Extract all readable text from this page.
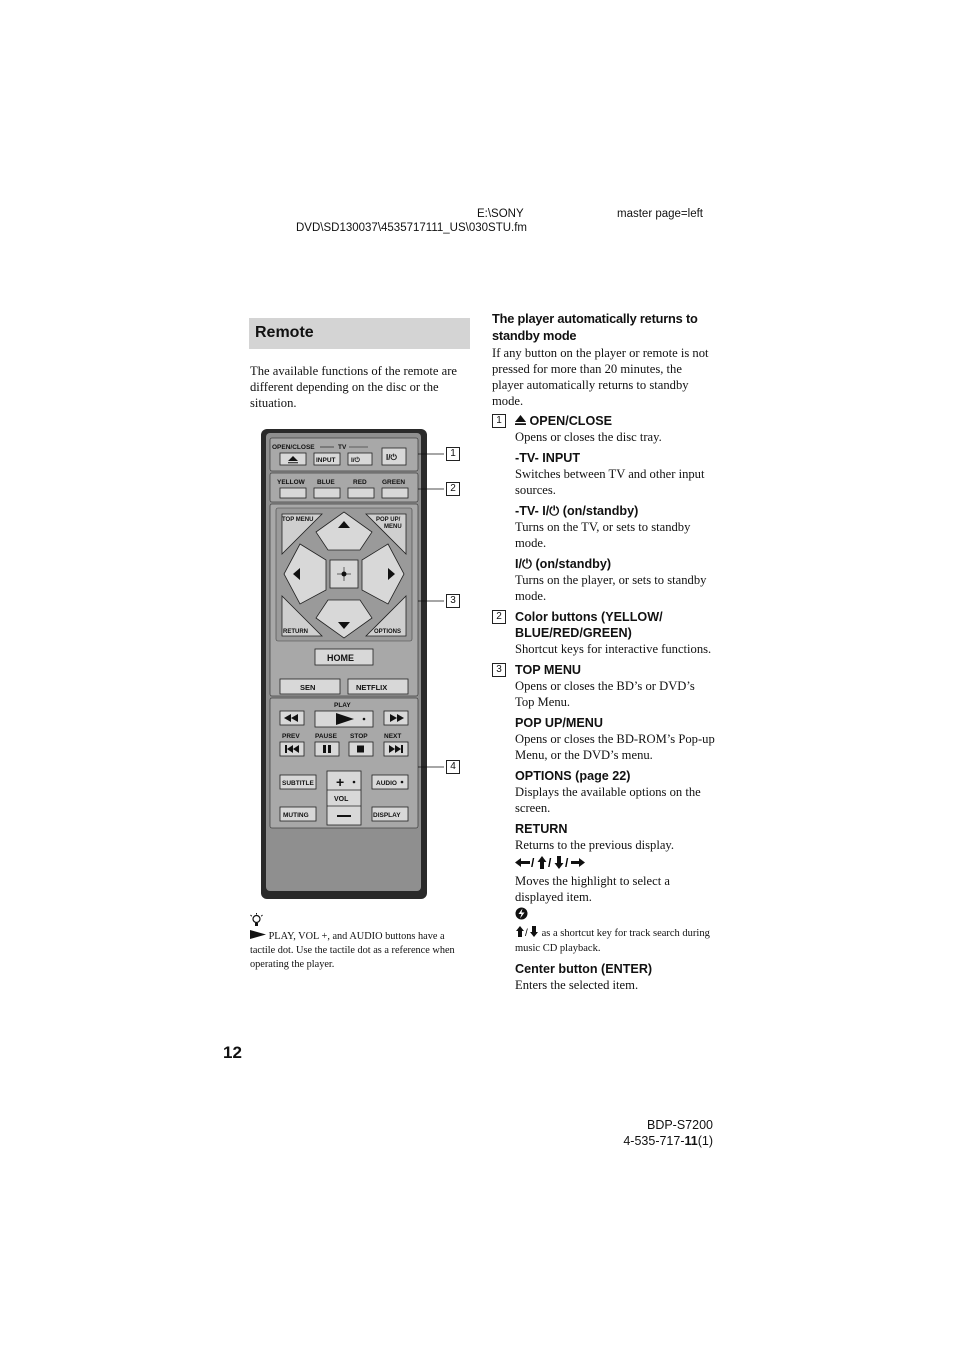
E:\SONY
DVD\SD130037\4535717111_US\030STU.fm
master page=left
Remote
The available functions of the remote are different depending on the disc or the situation.
OPEN/CLOSE	TV
INPUT I/⏻	I/⏻
YELLOW BLUE	RED GREEN
TOP MENU	POP UP/
MENU
RETURN	OPTIONS
HOME
SEN	NETFLIX
PLAY
PREV PAUSE STOP	NEXT
SUBTITLE +
VOL
AUDIO
MUTING	DISPLAY
1
2
3
4
PLAY, VOL +, and AUDIO buttons have a tactile dot. Use the tactile dot as a reference when operating the player.
12
The player automatically returns to standby mode
If any button on the player or remote is not pressed for more than 20 minutes, the player automatically returns to standby mode.
1	OPEN/CLOSE
Opens or closes the disc tray.
-TV- INPUT
Switches between TV and other input sources.
-TV- I/⏻ (on/standby)
Turns on the TV, or sets to standby mode.
I/⏻ (on/standby)
Turns on the player, or sets to standby mode.
2	Color buttons (YELLOW/ BLUE/RED/GREEN)
Shortcut keys for interactive functions.
3	TOP MENU
Opens or closes the BD’s or DVD’s Top Menu.
POP UP/MENU
Opens or closes the BD-ROM’s Pop-up Menu, or the DVD’s menu.
OPTIONS (page 22)
Displays the available options on the screen.
RETURN
Returns to the previous display.
/ / /
Moves the highlight to select a displayed item.
/ as a shortcut key for track search during music CD playback.
Center button (ENTER)
Enters the selected item.
BDP-S7200
4-535-717-11(1)
